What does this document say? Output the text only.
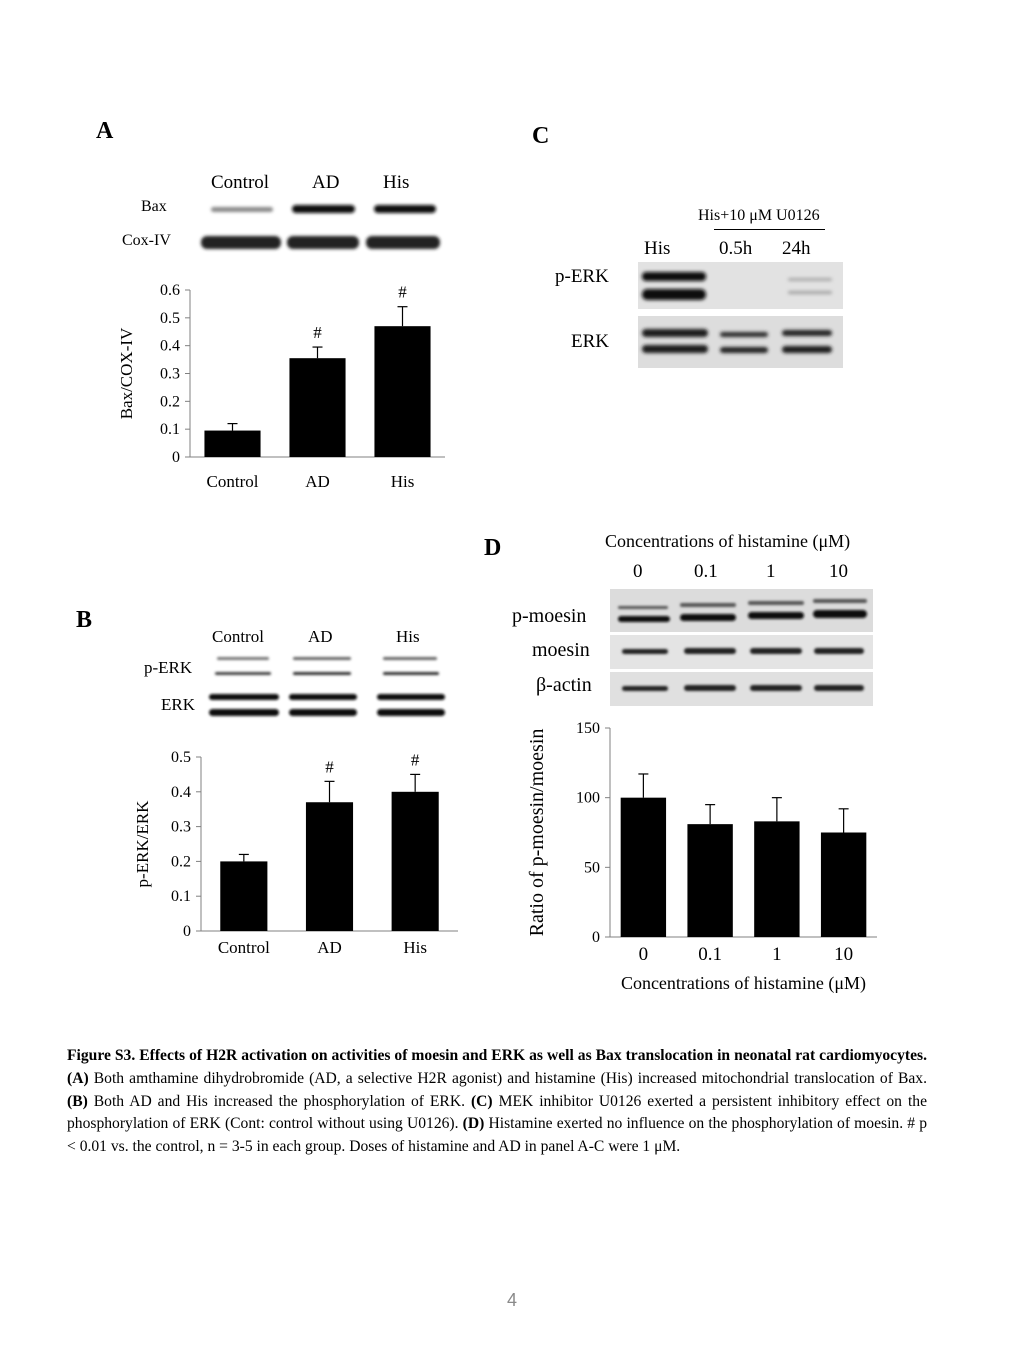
A
Control AD His
Bax
Cox-IV
0
0.1
0.2
0.3
0.4
0.5
0.6
Control
#
AD
#
His
Bax/COX-IV
B
Control	AD	His
p-ERK
ERK
0
0.1
0.2
0.3
0.4
0.5
Control
#
AD
#
His
p-ERK/ERK
C
His+10 μM U0126
His	0.5h 24h
p-ERK
ERK
D	Concentrations of histamine (μM)
0	0.1	1	10
p-moesin
moesin
β-actin
0
50
100
150
0	0.1	1	10
Ratio of p-moesin/moesin
Concentrations of histamine (μM)
Figure S3. Effects of H2R activation on activities of moesin and ERK as well as Bax translocation in neonatal rat cardiomyocytes. (A) Both amthamine dihydrobromide (AD, a selective H2R agonist) and histamine (His) increased mitochondrial translocation of Bax. (B) Both AD and His increased the phosphorylation of ERK. (C) MEK inhibitor U0126 exerted a persistent inhibitory effect on the phosphorylation of ERK (Cont: control without using U0126). (D) Histamine exerted no influence on the phosphorylation of moesin. # p < 0.01 vs. the control, n = 3-5 in each group. Doses of histamine and AD in panel A-C were 1 μM.
4
